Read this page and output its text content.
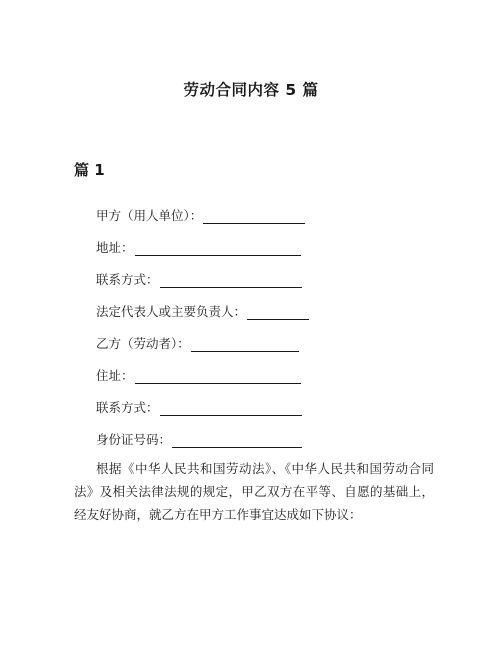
劳动合同内容 5 篇
篇 1
甲方（用人单位）：
地址：
联系方式：
法定代表人或主要负责人：
乙方（劳动者）：
住址：
联系方式：
身份证号码：

根据《中华人民共和国劳动法》、《中华人民共和国劳动合同法》及相关法律法规的规定，甲乙双方在平等、自愿的基础上，经友好协商，就乙方在甲方工作事宜达成如下协议：
